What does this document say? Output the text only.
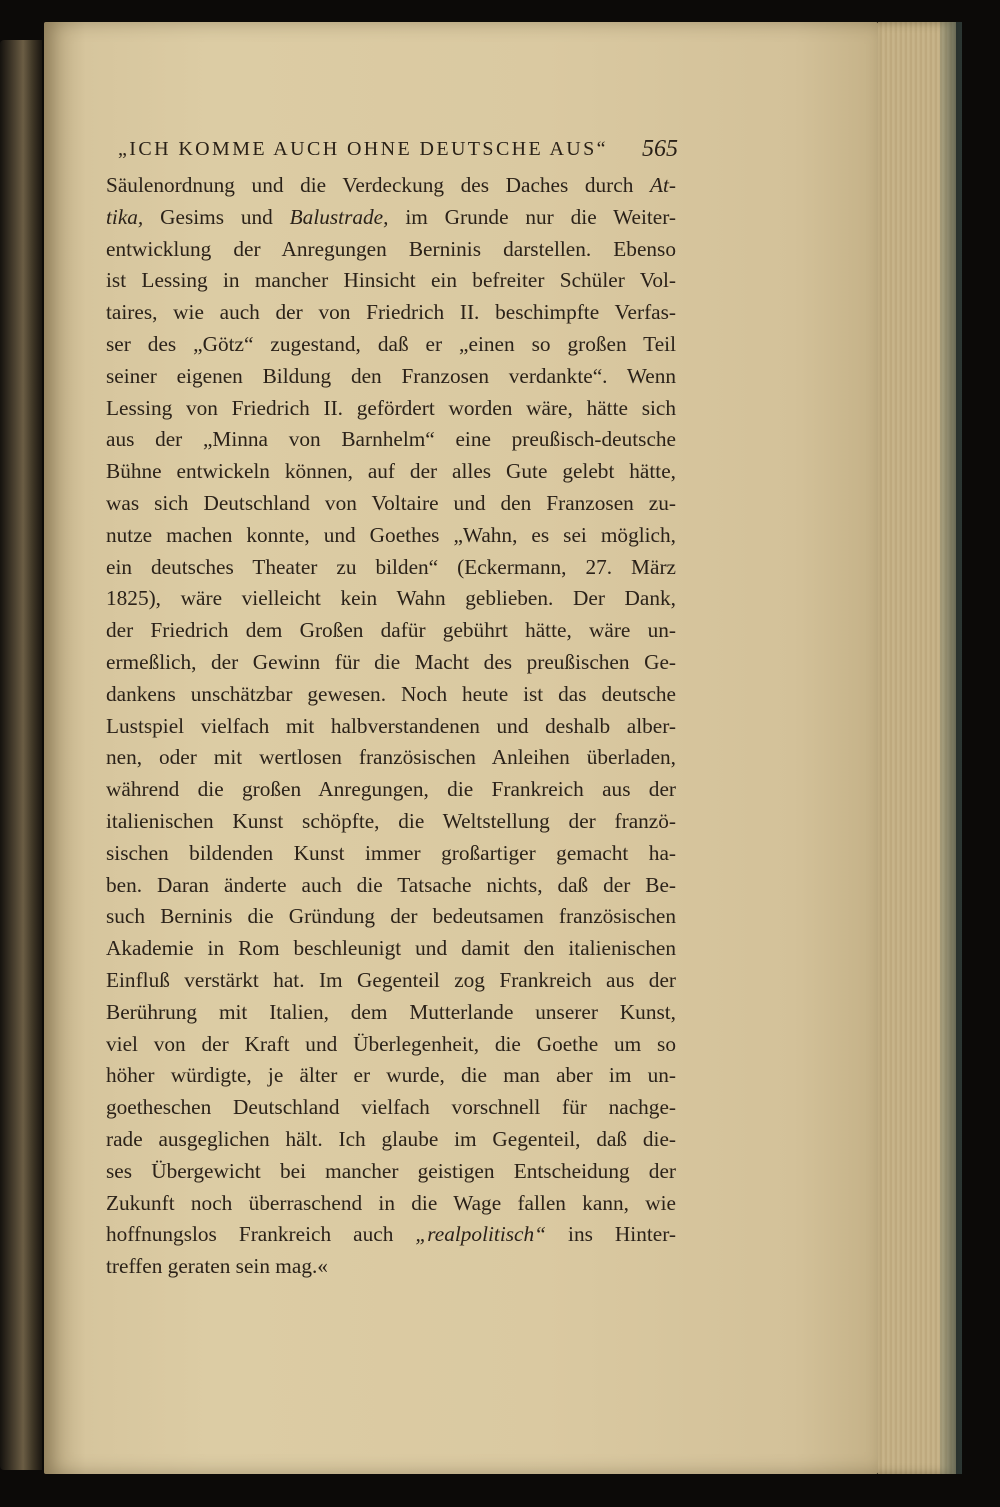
„ICH KOMME AUCH OHNE DEUTSCHE AUS“ 565
Säulenordnung und die Verdeckung des Daches durch At-
tika, Gesims und Balustrade, im Grunde nur die Weiter-
entwicklung der Anregungen Berninis darstellen. Ebenso
ist Lessing in mancher Hinsicht ein befreiter Schüler Vol-
taires, wie auch der von Friedrich II. beschimpfte Verfas-
ser des „Götz“ zugestand, daß er „einen so großen Teil
seiner eigenen Bildung den Franzosen verdankte“. Wenn
Lessing von Friedrich II. gefördert worden wäre, hätte sich
aus der „Minna von Barnhelm“ eine preußisch-deutsche
Bühne entwickeln können, auf der alles Gute gelebt hätte,
was sich Deutschland von Voltaire und den Franzosen zu-
nutze machen konnte, und Goethes „Wahn, es sei möglich,
ein deutsches Theater zu bilden“ (Eckermann, 27. März
1825), wäre vielleicht kein Wahn geblieben. Der Dank,
der Friedrich dem Großen dafür gebührt hätte, wäre un-
ermeßlich, der Gewinn für die Macht des preußischen Ge-
dankens unschätzbar gewesen. Noch heute ist das deutsche
Lustspiel vielfach mit halbverstandenen und deshalb alber-
nen, oder mit wertlosen französischen Anleihen überladen,
während die großen Anregungen, die Frankreich aus der
italienischen Kunst schöpfte, die Weltstellung der franzö-
sischen bildenden Kunst immer großartiger gemacht ha-
ben. Daran änderte auch die Tatsache nichts, daß der Be-
such Berninis die Gründung der bedeutsamen französischen
Akademie in Rom beschleunigt und damit den italienischen
Einfluß verstärkt hat. Im Gegenteil zog Frankreich aus der
Berührung mit Italien, dem Mutterlande unserer Kunst,
viel von der Kraft und Überlegenheit, die Goethe um so
höher würdigte, je älter er wurde, die man aber im un-
goetheschen Deutschland vielfach vorschnell für nachge-
rade ausgeglichen hält. Ich glaube im Gegenteil, daß die-
ses Übergewicht bei mancher geistigen Entscheidung der
Zukunft noch überraschend in die Wage fallen kann, wie
hoffnungslos Frankreich auch „realpolitisch“ ins Hinter-
treffen geraten sein mag.«
